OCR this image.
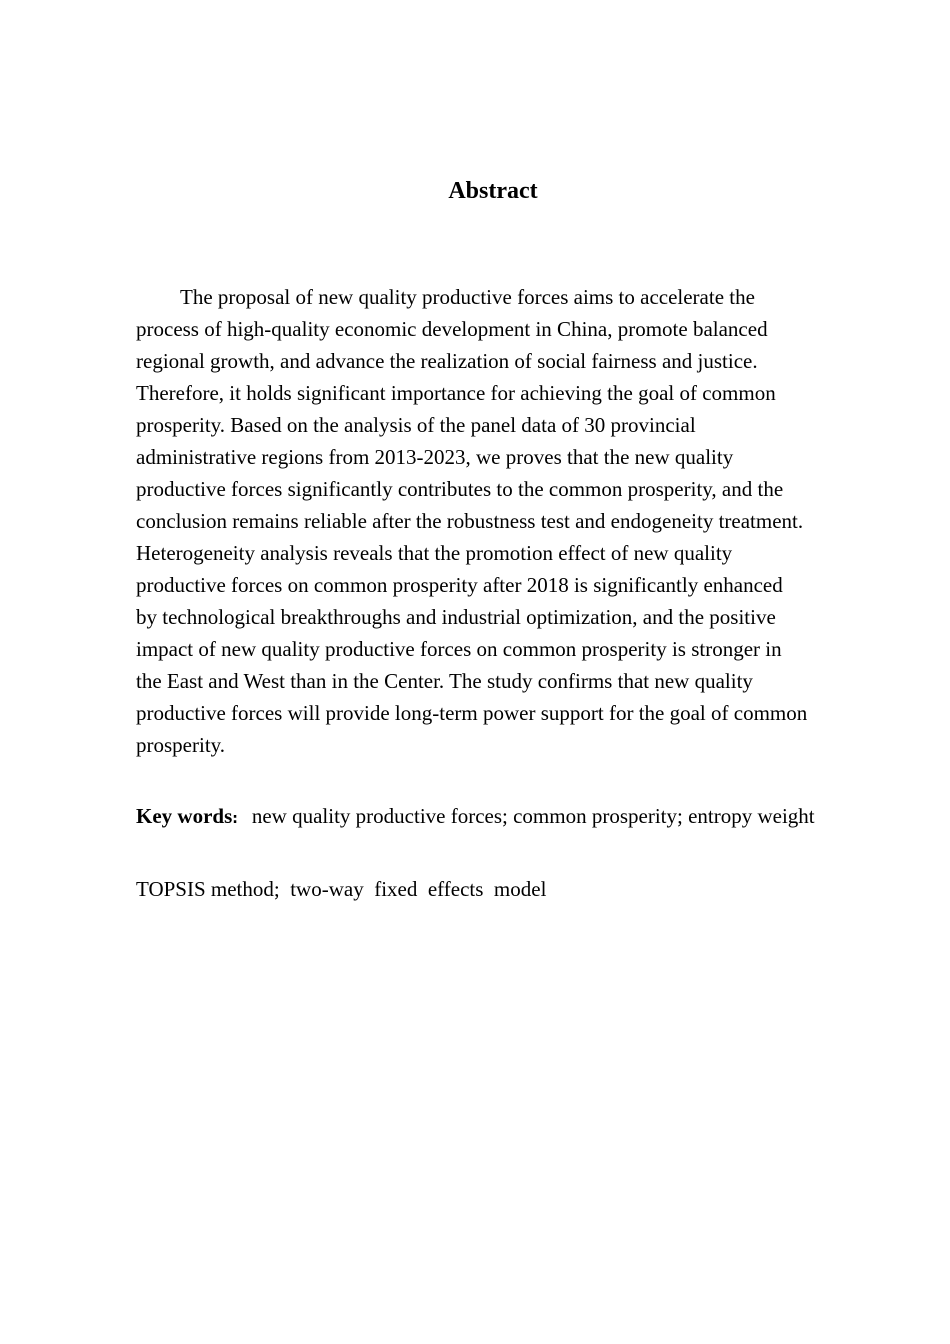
Abstract
The proposal of new quality productive forces aims to accelerate the
process of high-quality economic development in China, promote balanced
regional growth, and advance the realization of social fairness and justice.
Therefore, it holds significant importance for achieving the goal of common
prosperity. Based on the analysis of the panel data of 30 provincial
administrative regions from 2013-2023, we proves that the new quality
productive forces significantly contributes to the common prosperity, and the
conclusion remains reliable after the robustness test and endogeneity treatment.
Heterogeneity analysis reveals that the promotion effect of new quality
productive forces on common prosperity after 2018 is significantly enhanced
by technological breakthroughs and industrial optimization, and the positive
impact of new quality productive forces on common prosperity is stronger in
the East and West than in the Center. The study confirms that new quality
productive forces will provide long-term power support for the goal of common
prosperity.

Key words: new quality productive forces; common prosperity; entropy weight

TOPSIS method;  two-way  fixed  effects  model
